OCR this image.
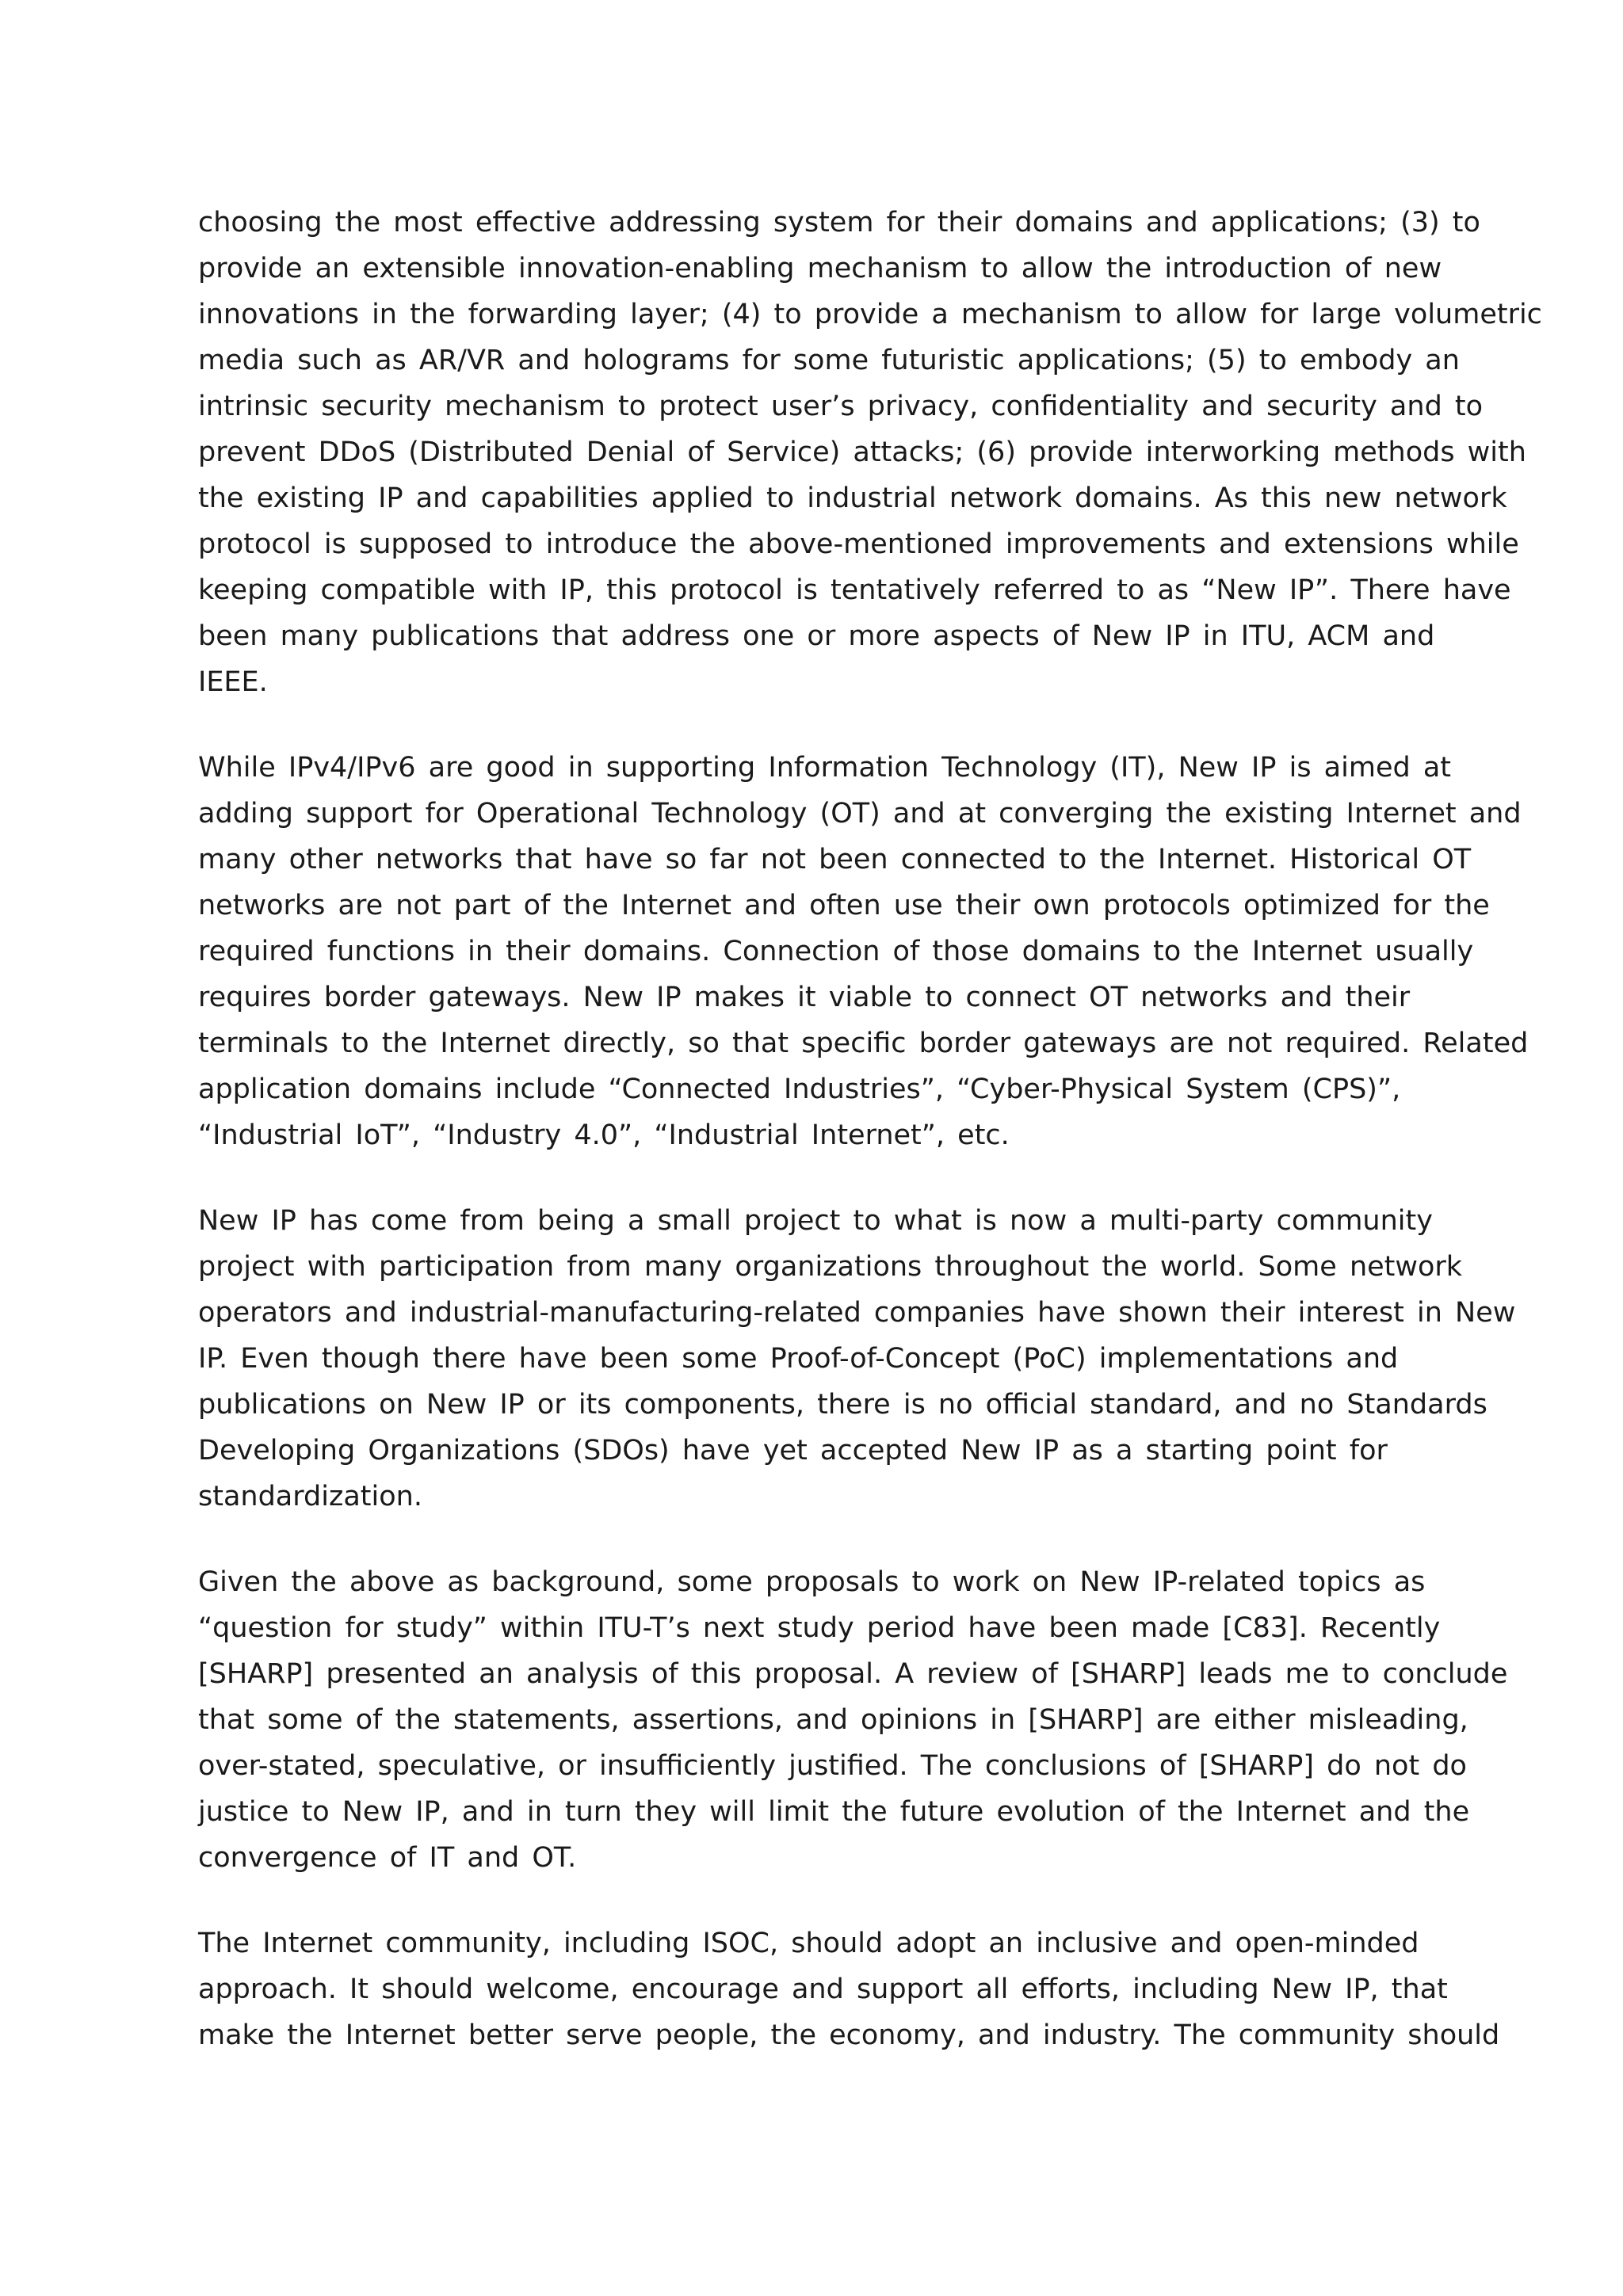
choosing the most effective addressing system for their domains and applications; (3) to
provide an extensible innovation-enabling mechanism to allow the introduction of new
innovations in the forwarding layer; (4) to provide a mechanism to allow for large volumetric
media such as AR/VR and holograms for some futuristic applications; (5) to embody an
intrinsic security mechanism to protect user’s privacy, confidentiality and security and to
prevent DDoS (Distributed Denial of Service) attacks; (6) provide interworking methods with
the existing IP and capabilities applied to industrial network domains. As this new network
protocol is supposed to introduce the above-mentioned improvements and extensions while
keeping compatible with IP, this protocol is tentatively referred to as “New IP”. There have
been many publications that address one or more aspects of New IP in ITU, ACM and
IEEE.

While IPv4/IPv6 are good in supporting Information Technology (IT), New IP is aimed at
adding support for Operational Technology (OT) and at converging the existing Internet and
many other networks that have so far not been connected to the Internet. Historical OT
networks are not part of the Internet and often use their own protocols optimized for the
required functions in their domains. Connection of those domains to the Internet usually
requires border gateways. New IP makes it viable to connect OT networks and their
terminals to the Internet directly, so that specific border gateways are not required. Related
application domains include “Connected Industries”, “Cyber-Physical System (CPS)”,
“Industrial IoT”, “Industry 4.0”, “Industrial Internet”, etc.

New IP has come from being a small project to what is now a multi-party community
project with participation from many organizations throughout the world. Some network
operators and industrial-manufacturing-related companies have shown their interest in New
IP. Even though there have been some Proof-of-Concept (PoC) implementations and
publications on New IP or its components, there is no official standard, and no Standards
Developing Organizations (SDOs) have yet accepted New IP as a starting point for
standardization.

Given the above as background, some proposals to work on New IP-related topics as
“question for study” within ITU-T’s next study period have been made [C83]. Recently
[SHARP] presented an analysis of this proposal. A review of [SHARP] leads me to conclude
that some of the statements, assertions, and opinions in [SHARP] are either misleading,
over-stated, speculative, or insufficiently justified. The conclusions of [SHARP] do not do
justice to New IP, and in turn they will limit the future evolution of the Internet and the
convergence of IT and OT.

The Internet community, including ISOC, should adopt an inclusive and open-minded
approach. It should welcome, encourage and support all efforts, including New IP, that
make the Internet better serve people, the economy, and industry. The community should
